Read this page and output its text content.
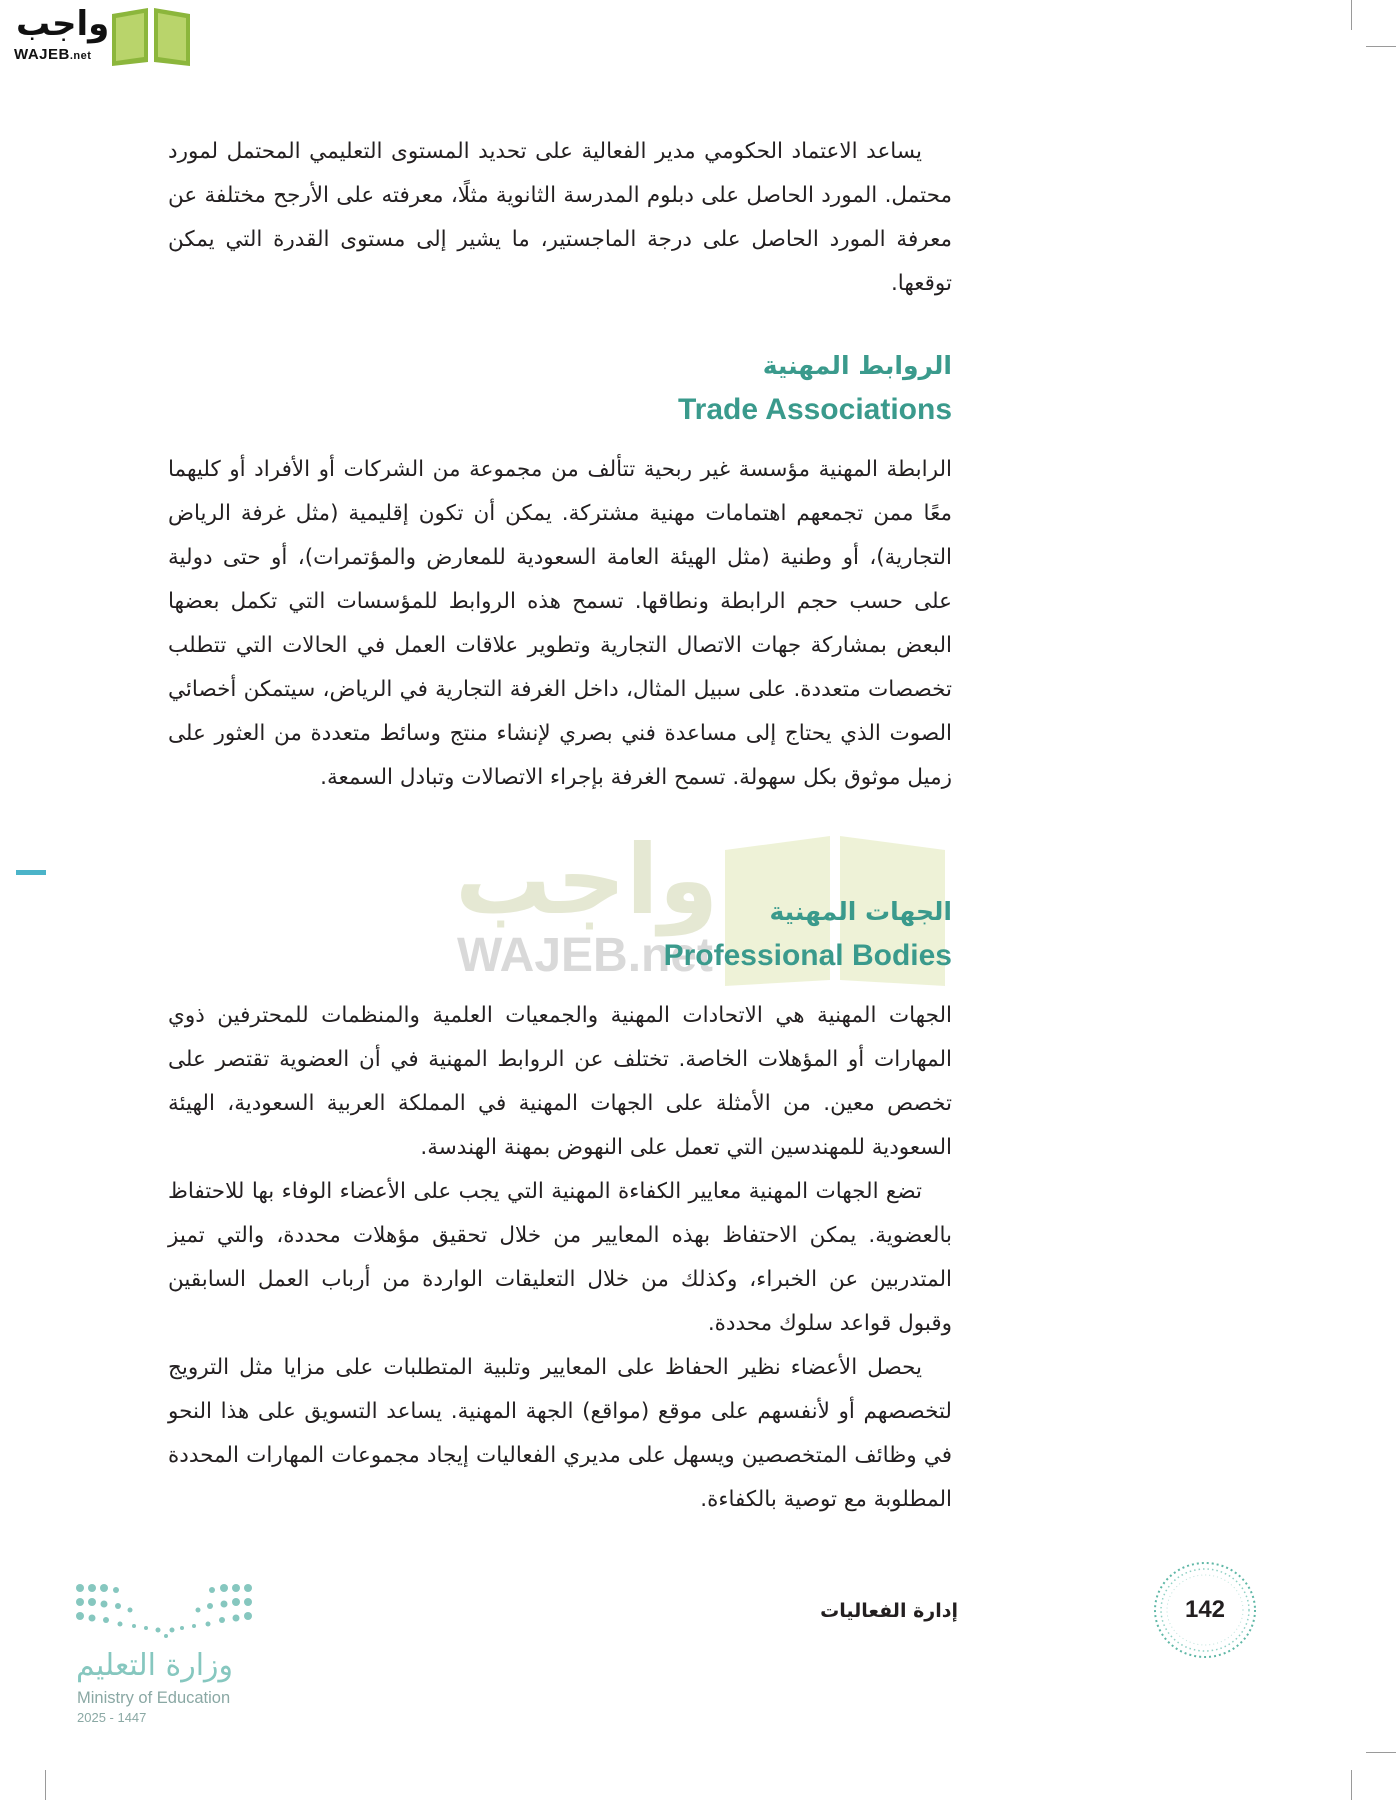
واجب
WAJEB.net
واجب
WAJEB.net

يساعد الاعتماد الحكومي مدير الفعالية على تحديد المستوى التعليمي المحتمل لمورد محتمل. المورد الحاصل على دبلوم المدرسة الثانوية مثلًا، معرفته على الأرجح مختلفة عن معرفة المورد الحاصل على درجة الماجستير، ما يشير إلى مستوى القدرة التي يمكن توقعها.

الروابط المهنية
Trade Associations

الرابطة المهنية مؤسسة غير ربحية تتألف من مجموعة من الشركات أو الأفراد أو كليهما معًا ممن تجمعهم اهتمامات مهنية مشتركة. يمكن أن تكون إقليمية (مثل غرفة الرياض التجارية)، أو وطنية (مثل الهيئة العامة السعودية للمعارض والمؤتمرات)، أو حتى دولية على حسب حجم الرابطة ونطاقها. تسمح هذه الروابط للمؤسسات التي تكمل بعضها البعض بمشاركة جهات الاتصال التجارية وتطوير علاقات العمل في الحالات التي تتطلب تخصصات متعددة. على سبيل المثال، داخل الغرفة التجارية في الرياض، سيتمكن أخصائي الصوت الذي يحتاج إلى مساعدة فني بصري لإنشاء منتج وسائط متعددة من العثور على زميل موثوق بكل سهولة. تسمح الغرفة بإجراء الاتصالات وتبادل السمعة.

الجهات المهنية
Professional Bodies

الجهات المهنية هي الاتحادات المهنية والجمعيات العلمية والمنظمات للمحترفين ذوي المهارات أو المؤهلات الخاصة. تختلف عن الروابط المهنية في أن العضوية تقتصر على تخصص معين. من الأمثلة على الجهات المهنية في المملكة العربية السعودية، الهيئة السعودية للمهندسين التي تعمل على النهوض بمهنة الهندسة.

تضع الجهات المهنية معايير الكفاءة المهنية التي يجب على الأعضاء الوفاء بها للاحتفاظ بالعضوية. يمكن الاحتفاظ بهذه المعايير من خلال تحقيق مؤهلات محددة، والتي تميز المتدربين عن الخبراء، وكذلك من خلال التعليقات الواردة من أرباب العمل السابقين وقبول قواعد سلوك محددة.

يحصل الأعضاء نظير الحفاظ على المعايير وتلبية المتطلبات على مزايا مثل الترويج لتخصصهم أو لأنفسهم على موقع (مواقع) الجهة المهنية. يساعد التسويق على هذا النحو في وظائف المتخصصين ويسهل على مديري الفعاليات إيجاد مجموعات المهارات المحددة المطلوبة مع توصية بالكفاءة.

إدارة الفعاليات	142
وزارة التعليم
Ministry of Education
2025 - 1447
